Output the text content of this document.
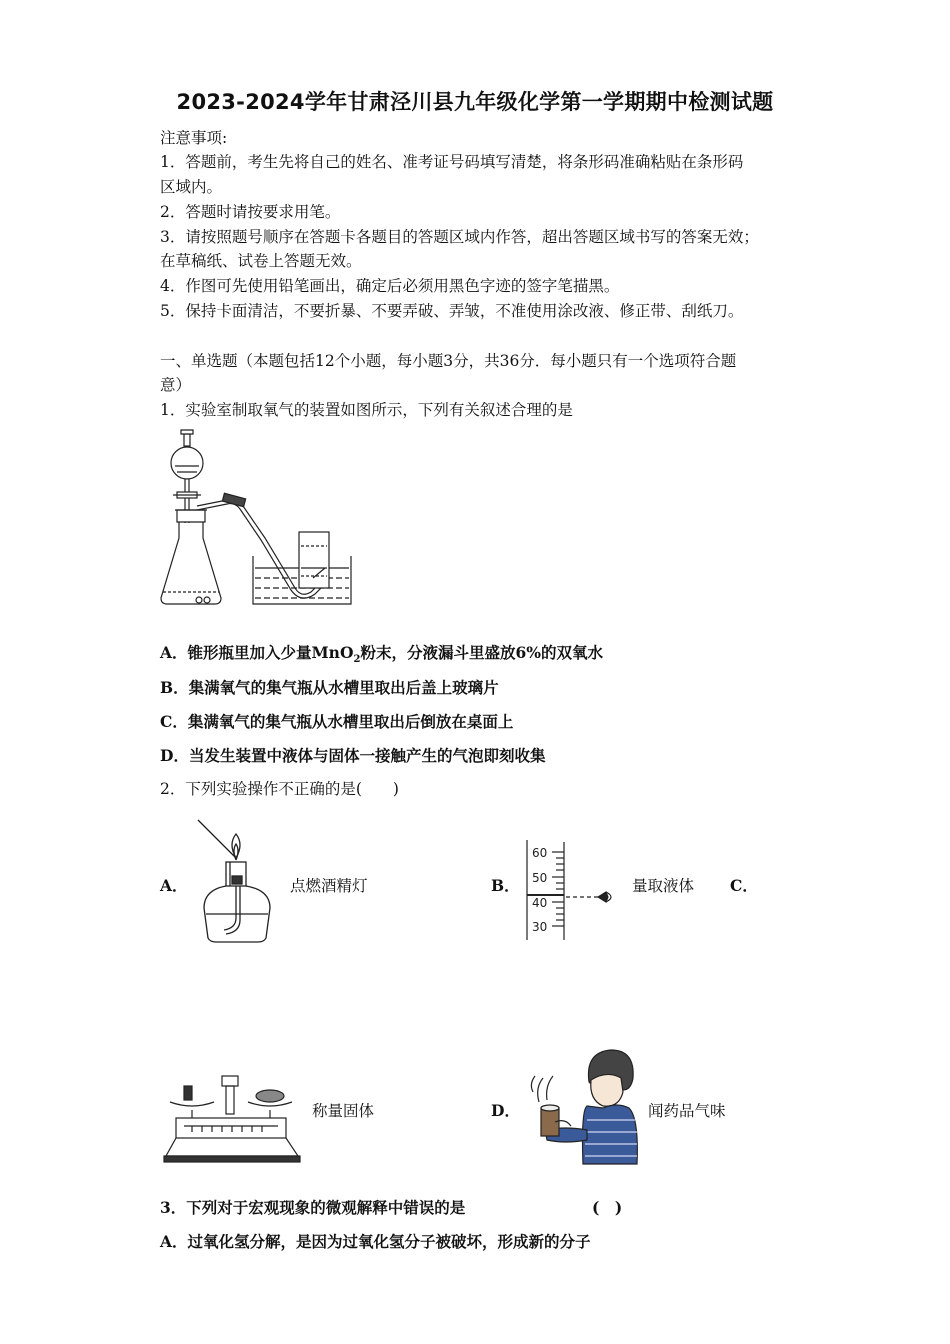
2023-2024学年甘肃泾川县九年级化学第一学期期中检测试题
注意事项:
1．答题前，考生先将自己的姓名、准考证号码填写清楚，将条形码准确粘贴在条形码
区域内。
2．答题时请按要求用笔。
3．请按照题号顺序在答题卡各题目的答题区域内作答，超出答题区域书写的答案无效；
在草稿纸、试卷上答题无效。
4．作图可先使用铅笔画出，确定后必须用黑色字迹的签字笔描黑。
5．保持卡面清洁，不要折暴、不要弄破、弄皱，不准使用涂改液、修正带、刮纸刀。
一、单选题（本题包括12个小题，每小题3分，共36分．每小题只有一个选项符合题
意）
1．实验室制取氧气的装置如图所示，下列有关叙述合理的是
A．锥形瓶里加入少量MnO$_2$粉末，分液漏斗里盛放6%的双氧水
B．集满氧气的集气瓶从水槽里取出后盖上玻璃片
C．集满氧气的集气瓶从水槽里取出后倒放在桌面上
D．当发生装置中液体与固体一接触产生的气泡即刻收集
2．下列实验操作不正确的是(　　)
A．	点燃酒精灯	B．
60
50
40
30
量取液体 C．
称量固体	D．	闻药品气味
3．下列对于宏观现象的微观解释中错误的是	(　)
A．过氧化氢分解，是因为过氧化氢分子被破坏，形成新的分子
